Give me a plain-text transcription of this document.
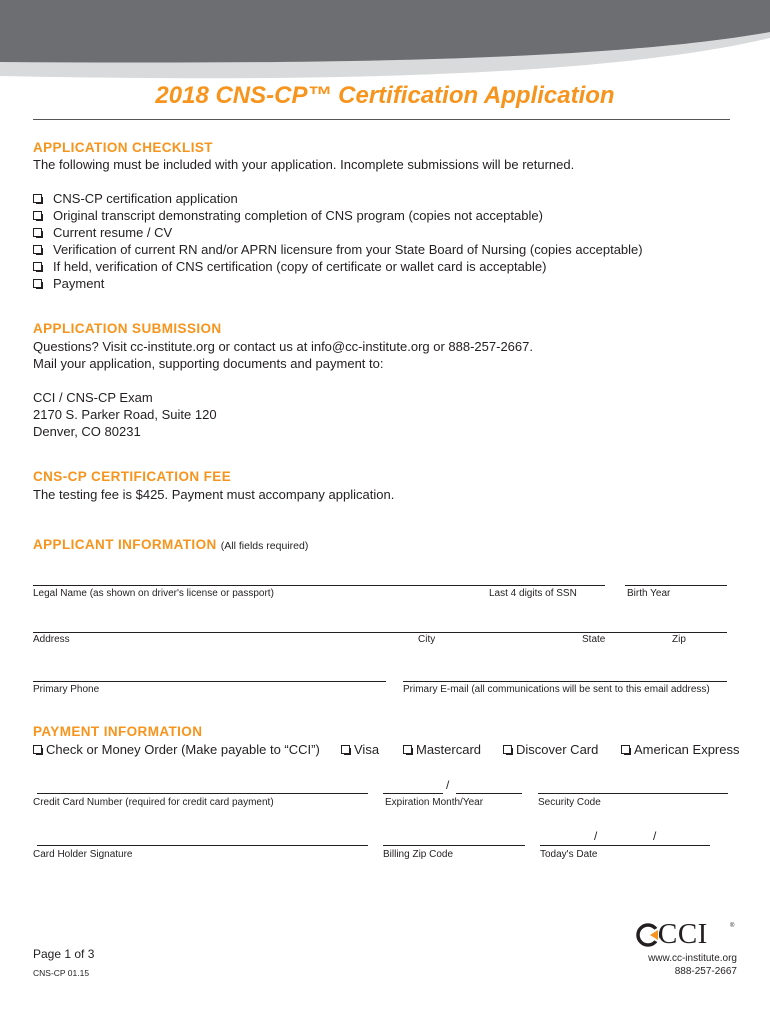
2018 CNS-CP™ Certification Application
APPLICATION CHECKLIST
The following must be included with your application. Incomplete submissions will be returned.
CNS-CP certification application
Original transcript demonstrating completion of CNS program (copies not acceptable)
Current resume / CV
Verification of current RN and/or APRN licensure from your State Board of Nursing (copies acceptable)
If held, verification of CNS certification (copy of certificate or wallet card is acceptable)
Payment
APPLICATION SUBMISSION
Questions? Visit cc-institute.org or contact us at info@cc-institute.org or 888-257-2667.
Mail your application, supporting documents and payment to:
CCI / CNS-CP Exam
2170 S. Parker Road, Suite 120
Denver, CO 80231
CNS-CP CERTIFICATION FEE
The testing fee is $425. Payment must accompany application.
APPLICANT INFORMATION (All fields required)
Legal Name (as shown on driver's license or passport)	Last 4 digits of SSN	Birth Year
Address	City	State	Zip
Primary Phone	Primary E-mail (all communications will be sent to this email address)
PAYMENT INFORMATION
Check or Money Order (Make payable to “CCI”)	Visa	Mastercard	Discover Card	American Express
/
Credit Card Number (required for credit card payment)	Expiration Month/Year	Security Code
/	/
Card Holder Signature	Billing Zip Code	Today's Date
Page 1 of 3
CNS-CP 01.15
CCI	®
www.cc-institute.org
888-257-2667
